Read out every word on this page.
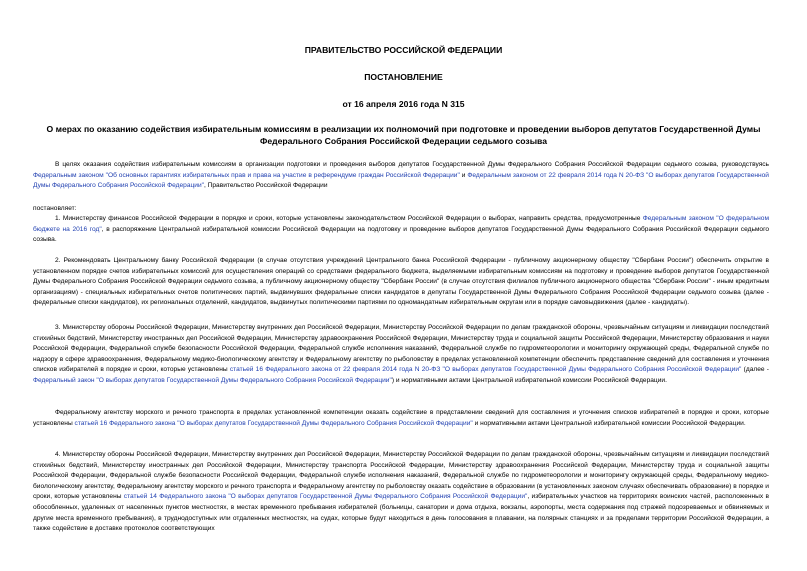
ПРАВИТЕЛЬСТВО РОССИЙСКОЙ ФЕДЕРАЦИИ
ПОСТАНОВЛЕНИЕ
от 16 апреля 2016 года N 315
О мерах по оказанию содействия избирательным комиссиям в реализации их полномочий при подготовке и проведении выборов депутатов Государственной Думы Федерального Собрания Российской Федерации седьмого созыва

В целях оказания содействия избирательным комиссиям в организации подготовки и проведения выборов депутатов Государственной Думы Федерального Собрания Российской Федерации седьмого созыва, руководствуясь Федеральным законом "Об основных гарантиях избирательных прав и права на участие в референдуме граждан Российской Федерации" и Федеральным законом от 22 февраля 2014 года N 20-ФЗ "О выборах депутатов Государственной Думы Федерального Собрания Российской Федерации", Правительство Российской Федерации

постановляет:

1. Министерству финансов Российской Федерации в порядке и сроки, которые установлены законодательством Российской Федерации о выборах, направить средства, предусмотренные Федеральным законом "О федеральном бюджете на 2016 год", в распоряжение Центральной избирательной комиссии Российской Федерации на подготовку и проведение выборов депутатов Государственной Думы Федерального Собрания Российской Федерации седьмого созыва.

2. Рекомендовать Центральному банку Российской Федерации (в случае отсутствия учреждений Центрального банка Российской Федерации - публичному акционерному обществу "Сбербанк России") обеспечить открытие в установленном порядке счетов избирательных комиссий для осуществления операций со средствами федерального бюджета, выделяемыми избирательным комиссиям на подготовку и проведение выборов депутатов Государственной Думы Федерального Собрания Российской Федерации седьмого созыва, а публичному акционерному обществу "Сбербанк России" (в случае отсутствия филиалов публичного акционерного общества "Сбербанк России" - иным кредитным организациям) - специальных избирательных счетов политических партий, выдвинувших федеральные списки кандидатов в депутаты Государственной Думы Федерального Собрания Российской Федерации седьмого созыва (далее - федеральные списки кандидатов), их региональных отделений, кандидатов, выдвинутых политическими партиями по одномандатным избирательным округам или в порядке самовыдвижения (далее - кандидаты).

3. Министерству обороны Российской Федерации, Министерству внутренних дел Российской Федерации, Министерству Российской Федерации по делам гражданской обороны, чрезвычайным ситуациям и ликвидации последствий стихийных бедствий, Министерству иностранных дел Российской Федерации, Министерству здравоохранения Российской Федерации, Министерству труда и социальной защиты Российской Федерации, Министерству образования и науки Российской Федерации, Федеральной службе безопасности Российской Федерации, Федеральной службе исполнения наказаний, Федеральной службе по гидрометеорологии и мониторингу окружающей среды, Федеральной службе по надзору в сфере здравоохранения, Федеральному медико-биологическому агентству и Федеральному агентству по рыболовству в пределах установленной компетенции обеспечить представление сведений для составления и уточнения списков избирателей в порядке и сроки, которые установлены статьей 16 Федерального закона от 22 февраля 2014 года N 20-ФЗ "О выборах депутатов Государственной Думы Федерального Собрания Российской Федерации" (далее - Федеральный закон "О выборах депутатов Государственной Думы Федерального Собрания Российской Федерации") и нормативными актами Центральной избирательной комиссии Российской Федерации.

Федеральному агентству морского и речного транспорта в пределах установленной компетенции оказать содействие в представлении сведений для составления и уточнения списков избирателей в порядке и сроки, которые установлены статьей 16 Федерального закона "О выборах депутатов Государственной Думы Федерального Собрания Российской Федерации" и нормативными актами Центральной избирательной комиссии Российской Федерации.

4. Министерству обороны Российской Федерации, Министерству внутренних дел Российской Федерации, Министерству Российской Федерации по делам гражданской обороны, чрезвычайным ситуациям и ликвидации последствий стихийных бедствий, Министерству иностранных дел Российской Федерации, Министерству транспорта Российской Федерации, Министерству здравоохранения Российской Федерации, Министерству труда и социальной защиты Российской Федерации, Федеральной службе безопасности Российской Федерации, Федеральной службе исполнения наказаний, Федеральной службе по гидрометеорологии и мониторингу окружающей среды, Федеральному медико-биологическому агентству, Федеральному агентству морского и речного транспорта и Федеральному агентству по рыболовству оказать содействие в образовании (в установленных законом случаях обеспечивать образование) в порядке и сроки, которые установлены статьей 14 Федерального закона "О выборах депутатов Государственной Думы Федерального Собрания Российской Федерации", избирательных участков на территориях воинских частей, расположенных в обособленных, удаленных от населенных пунктов местностях, в местах временного пребывания избирателей (больницы, санатории и дома отдыха, вокзалы, аэропорты, места содержания под стражей подозреваемых и обвиняемых и другие места временного пребывания), в труднодоступных или отдаленных местностях, на судах, которые будут находиться в день голосования в плавании, на полярных станциях и за пределами территории Российской Федерации, а также содействие в доставке протоколов соответствующих
